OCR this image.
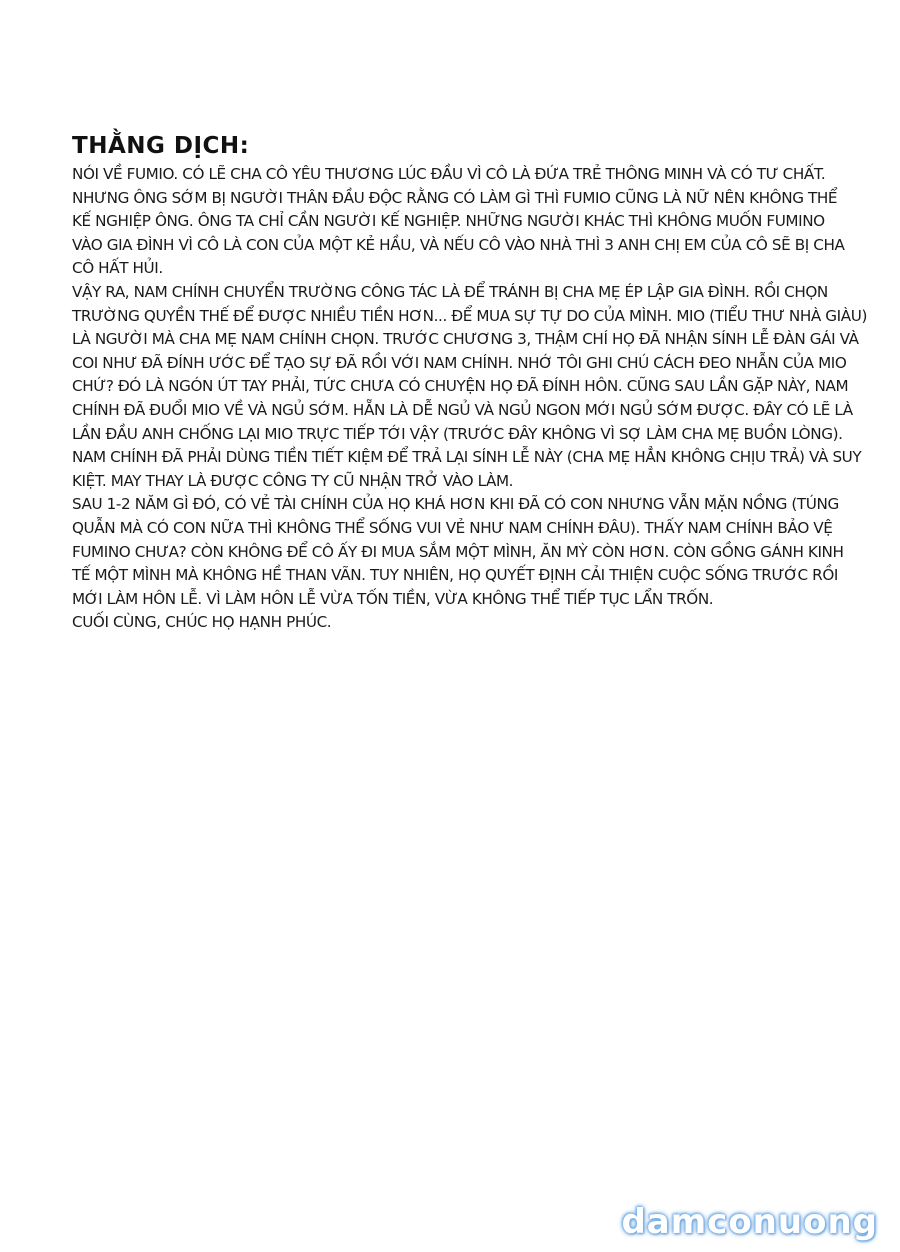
THẰNG DỊCH:
NÓI VỀ FUMIO. CÓ LẼ CHA CÔ YÊU THƯƠNG LÚC ĐẦU VÌ CÔ LÀ ĐỨA TRẺ THÔNG MINH VÀ CÓ TƯ CHẤT.
NHƯNG ÔNG SỚM BỊ NGƯỜI THÂN ĐẦU ĐỘC RẰNG CÓ LÀM GÌ THÌ FUMIO CŨNG LÀ NỮ NÊN KHÔNG THỂ
KẾ NGHIỆP ÔNG. ÔNG TA CHỈ CẦN NGƯỜI KẾ NGHIỆP. NHỮNG NGƯỜI KHÁC THÌ KHÔNG MUỐN FUMINO
VÀO GIA ĐÌNH VÌ CÔ LÀ CON CỦA MỘT KẺ HẦU, VÀ NẾU CÔ VÀO NHÀ THÌ 3 ANH CHỊ EM CỦA CÔ SẼ BỊ CHA
CÔ HẤT HỦI.
VẬY RA, NAM CHÍNH CHUYỂN TRƯỜNG CÔNG TÁC LÀ ĐỂ TRÁNH BỊ CHA MẸ ÉP LẬP GIA ĐÌNH. RỒI CHỌN
TRƯỜNG QUYỀN THẾ ĐỂ ĐƯỢC NHIỀU TIỀN HƠN... ĐỂ MUA SỰ TỰ DO CỦA MÌNH. MIO (TIỂU THƯ NHÀ GIÀU)
LÀ NGƯỜI MÀ CHA MẸ NAM CHÍNH CHỌN. TRƯỚC CHƯƠNG 3, THẬM CHÍ HỌ ĐÃ NHẬN SÍNH LỄ ĐÀN GÁI VÀ
COI NHƯ ĐÃ ĐÍNH ƯỚC ĐỂ TẠO SỰ ĐÃ RỒI VỚI NAM CHÍNH. NHỚ TÔI GHI CHÚ CÁCH ĐEO NHẪN CỦA MIO
CHỨ? ĐÓ LÀ NGÓN ÚT TAY PHẢI, TỨC CHƯA CÓ CHUYỆN HỌ ĐÃ ĐÍNH HÔN. CŨNG SAU LẦN GẶP NÀY, NAM
CHÍNH ĐÃ ĐUỔI MIO VỀ VÀ NGỦ SỚM. HẴN LÀ DỄ NGỦ VÀ NGỦ NGON MỚI NGỦ SỚM ĐƯỢC. ĐÂY CÓ LẼ LÀ
LẦN ĐẦU ANH CHỐNG LẠI MIO TRỰC TIẾP TỚI VẬY (TRƯỚC ĐÂY KHÔNG VÌ SỢ LÀM CHA MẸ BUỒN LÒNG).
NAM CHÍNH ĐÃ PHẢI DÙNG TIỀN TIẾT KIỆM ĐỂ TRẢ LẠI SÍNH LỄ NÀY (CHA MẸ HẲN KHÔNG CHỊU TRẢ) VÀ SUY
KIỆT. MAY THAY LÀ ĐƯỢC CÔNG TY CŨ NHẬN TRỞ VÀO LÀM.
SAU 1-2 NĂM GÌ ĐÓ, CÓ VẺ TÀI CHÍNH CỦA HỌ KHÁ HƠN KHI ĐÃ CÓ CON NHƯNG VẪN MẶN NỒNG (TÚNG
QUẪN MÀ CÓ CON NỮA THÌ KHÔNG THỂ SỐNG VUI VẺ NHƯ NAM CHÍNH ĐÂU). THẤY NAM CHÍNH BẢO VỆ
FUMINO CHƯA? CÒN KHÔNG ĐỂ CÔ ẤY ĐI MUA SẮM MỘT MÌNH, ĂN MỲ CÒN HƠN. CÒN GỒNG GÁNH KINH
TẾ MỘT MÌNH MÀ KHÔNG HỀ THAN VÃN. TUY NHIÊN, HỌ QUYẾT ĐỊNH CẢI THIỆN CUỘC SỐNG TRƯỚC RỒI
MỚI LÀM HÔN LỄ. VÌ LÀM HÔN LỄ VỪA TỐN TIỀN, VỪA KHÔNG THỂ TIẾP TỤC LẨN TRỐN.
CUỐI CÙNG, CHÚC HỌ HẠNH PHÚC.
damconuong
